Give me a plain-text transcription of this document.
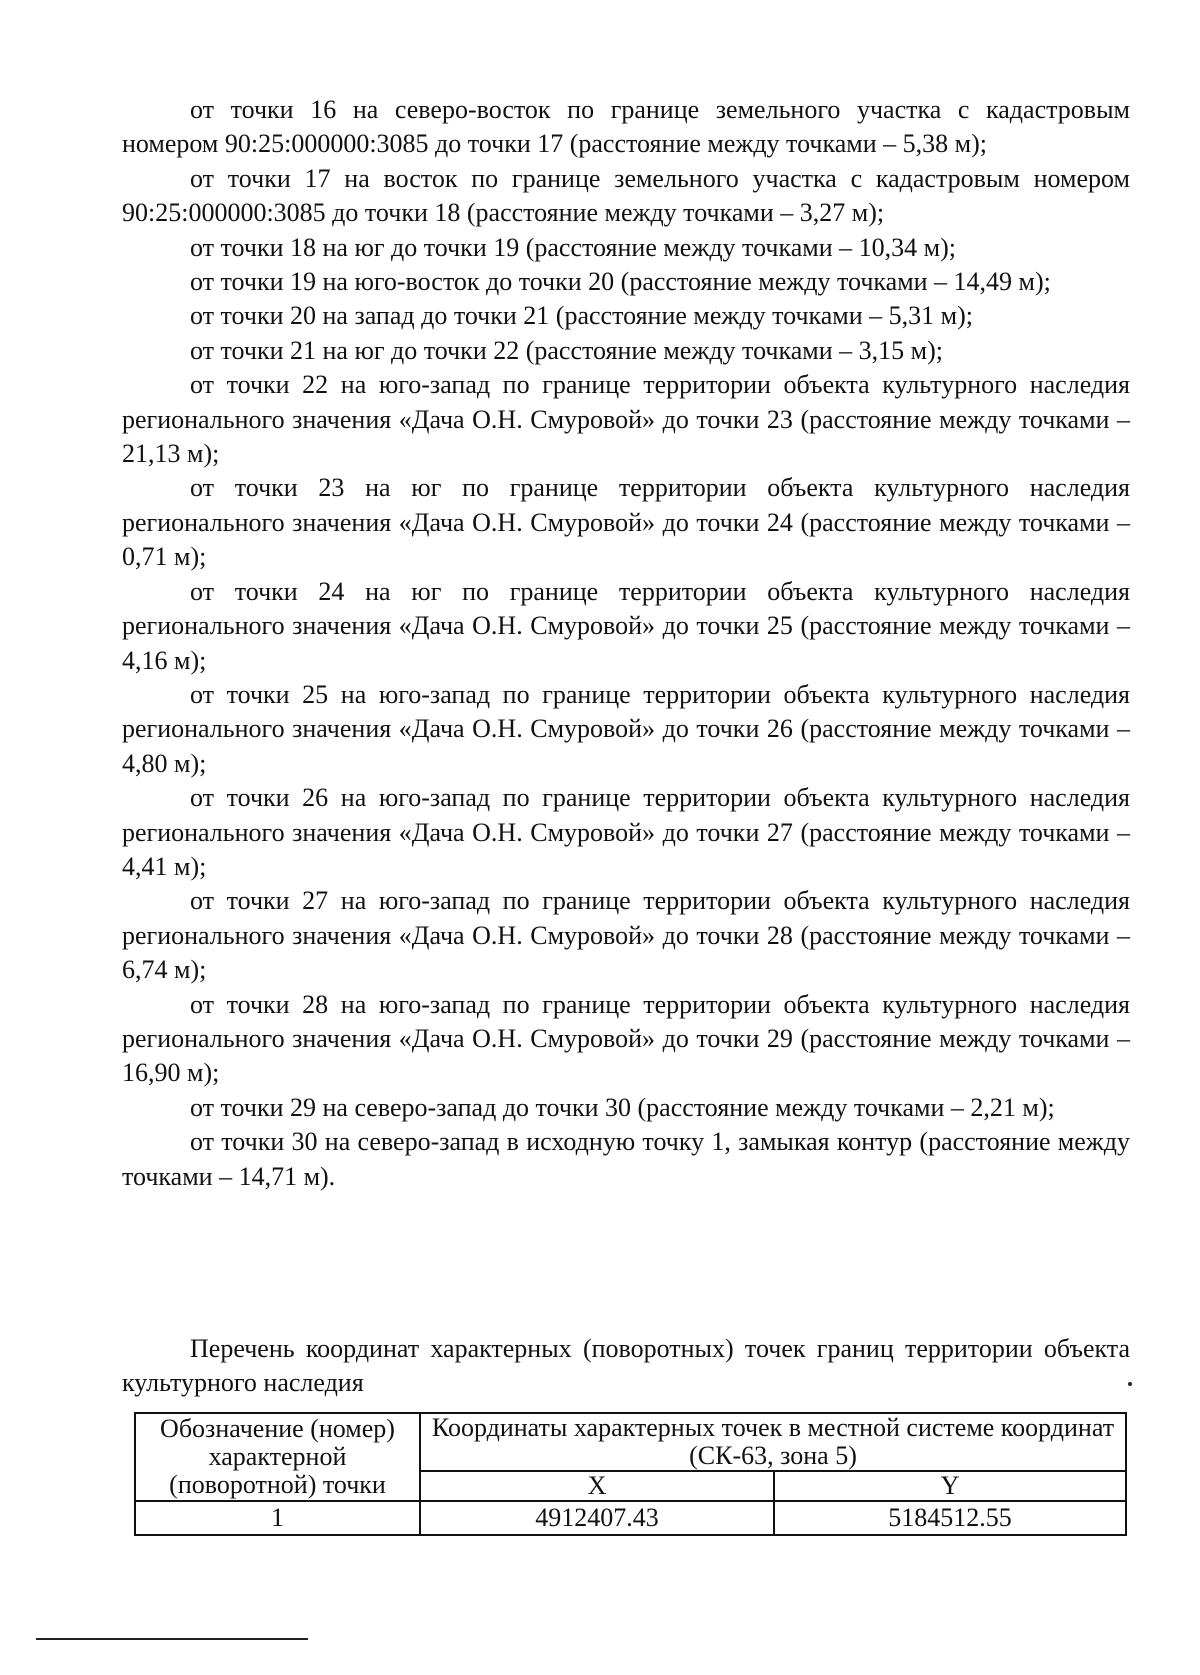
от точки 16 на северо-восток по границе земельного участка с кадастровым номером 90:25:000000:3085 до точки 17 (расстояние между точками – 5,38 м);

от точки 17 на восток по границе земельного участка с кадастровым номером 90:25:000000:3085 до точки 18 (расстояние между точками – 3,27 м);

от точки 18 на юг до точки 19 (расстояние между точками – 10,34 м);

от точки 19 на юго-восток до точки 20 (расстояние между точками – 14,49 м);

от точки 20 на запад до точки 21 (расстояние между точками – 5,31 м);

от точки 21 на юг до точки 22 (расстояние между точками – 3,15 м);

от точки 22 на юго-запад по границе территории объекта культурного наследия регионального значения «Дача О.Н. Смуровой» до точки 23 (расстояние между точками – 21,13 м);

от точки 23 на юг по границе территории объекта культурного наследия регионального значения «Дача О.Н. Смуровой» до точки 24 (расстояние между точками – 0,71 м);

от точки 24 на юг по границе территории объекта культурного наследия регионального значения «Дача О.Н. Смуровой» до точки 25 (расстояние между точками – 4,16 м);

от точки 25 на юго-запад по границе территории объекта культурного наследия регионального значения «Дача О.Н. Смуровой» до точки 26 (расстояние между точками – 4,80 м);

от точки 26 на юго-запад по границе территории объекта культурного наследия регионального значения «Дача О.Н. Смуровой» до точки 27 (расстояние между точками – 4,41 м);

от точки 27 на юго-запад по границе территории объекта культурного наследия регионального значения «Дача О.Н. Смуровой» до точки 28 (расстояние между точками – 6,74 м);

от точки 28 на юго-запад по границе территории объекта культурного наследия регионального значения «Дача О.Н. Смуровой» до точки 29 (расстояние между точками – 16,90 м);

от точки 29 на северо-запад до точки 30 (расстояние между точками – 2,21 м);

от точки 30 на северо-запад в исходную точку 1, замыкая контур (расстояние между точками – 14,71 м).

Перечень координат характерных (поворотных) точек границ территории объекта культурного наследия

Обозначение (номер) характерной (поворотной) точки	Координаты характерных точек в местной системе координат (СК-63, зона 5)	
	X	Y
1	4912407.43	5184512.55
